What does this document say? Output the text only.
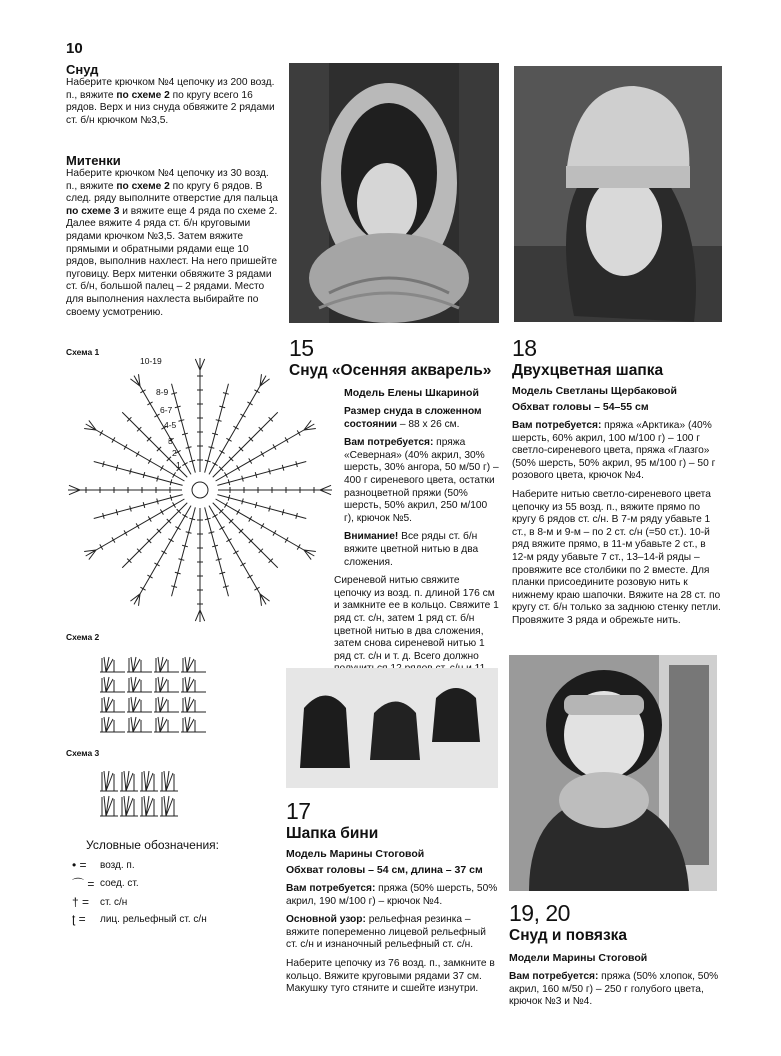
10
Снуд
Наберите крючком №4 цепочку из 200 возд. п., вяжите по схеме 2 по кругу всего 16 рядов. Верх и низ снуда обвяжите 2 рядами ст. б/н крючком №3,5.
Митенки
Наберите крючком №4 цепочку из 30 возд. п., вяжите по схеме 2 по кругу 6 рядов. В след. ряду выполните отверстие для пальца по схеме 3 и вяжите еще 4 ряда по схеме 2. Далее вяжите 4 ряда ст. б/н круговыми рядами крючком №3,5. Затем вяжите прямыми и обратными рядами еще 10 рядов, выполнив нахлест. На него пришейте пуговицу. Верх митенки обвяжите 3 рядами ст. б/н, большой палец – 2 рядами. Место для выполнения нахлеста выбирайте по своему усмотрению.
Схема 1
10-19
8-9
6-7
4-5
3
2
1
Схема 2
Схема 3
Условные обозначения:
• =	возд. п.
⌒ = соед. ст.
† =	ст. с/н
ʈ =	лиц. рельефный ст. с/н
15
Снуд «Осенняя акварель»
Модель Елены Шкариной
Размер снуда в сложенном состоянии – 88 х 26 см.
Вам потребуется: пряжа «Северная» (40% акрил, 30% шерсть, 30% ангора, 50 м/50 г) – 400 г сиреневого цвета, остатки разноцветной пряжи (50% шерсть, 50% акрил, 250 м/100 г), крючок №5.
Внимание! Все ряды ст. б/н вяжите цветной нитью в два сложения.
Сиреневой нитью свяжите цепочку из возд. п. длиной 176 см и замкните ее в кольцо. Свяжите 1 ряд ст. с/н, затем 1 ряд ст. б/н цветной нитью в два сложения, затем снова сиреневой нитью 1 ряд ст. с/н и т. д. Всего должно
18
Двухцветная шапка
Модель Светланы Щербаковой
Обхват головы – 54–55 см
Вам потребуется: пряжа «Арктика» (40% шерсть, 60% акрил, 100 м/100 г) – 100 г светло-сиреневого цвета, пряжа «Глазго» (50% шерсть, 50% акрил, 95 м/100 г) – 50 г розового цвета, крючок №4.
Наберите нитью светло-сиреневого цвета цепочку из 55 возд. п., вяжите прямо по кругу 6 рядов ст. с/н. В 7-м ряду убавьте 1 ст., в 8-м и 9-м – по 2 ст. с/н (=50 ст.). 10-й ряд вяжите прямо, в 11-м убавьте 2 ст., в 12-м ряду убавьте 7 ст., 13–14-й ряды – провяжите все столбики по 2 вместе. Для планки присоедините розовую нить к нижнему краю шапочки. Вяжите на 28 ст. по кругу ст. б/н только за заднюю стенку петли. Провяжите 3 ряда и обрежьте нить.
17
Шапка бини
Модель Марины Стоговой
Обхват головы – 54 см, длина – 37 см
Вам потребуется: пряжа (50% шерсть, 50% акрил, 190 м/100 г) – крючок №4.
Основной узор: рельефная резинка – вяжите попеременно лицевой рельефный ст. с/н и изнаночный рельефный ст. с/н.
Наберите цепочку из 76 возд. п., замкните в кольцо. Вяжите круговыми рядами 37 см. Макушку туго стяните и сшейте изнутри.
19, 20
Снуд и повязка
Модели Марины Стоговой
Вам потребуется: пряжа (50% хлопок, 50% акрил, 160 м/50 г) – 250 г голубого цвета, крючок №3 и №4.
